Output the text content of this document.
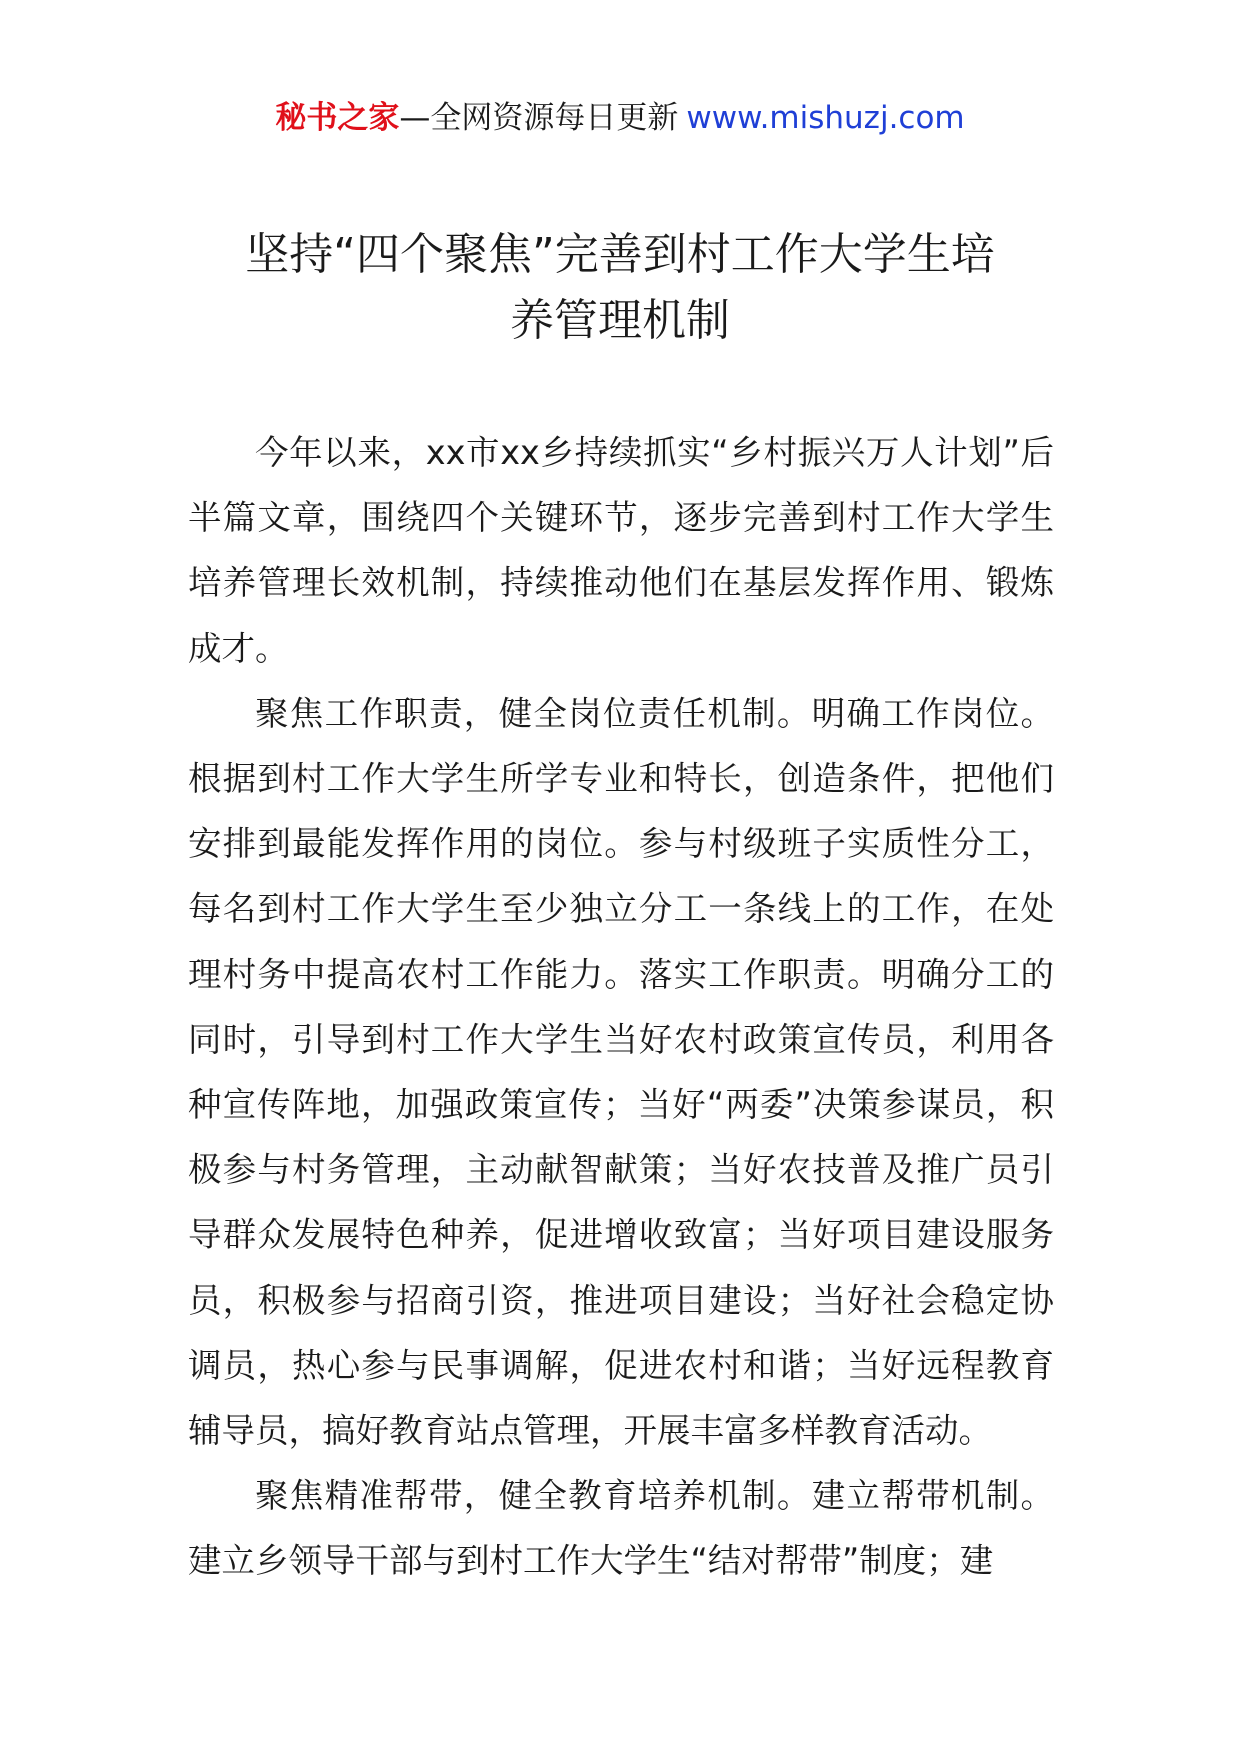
秘书之家—全网资源每日更新 www.mishuzj.com
坚持“四个聚焦”完善到村工作大学生培
养管理机制

今年以来，xx市xx乡持续抓实“乡村振兴万人计划”后半篇文章，围绕四个关键环节，逐步完善到村工作大学生培养管理长效机制，持续推动他们在基层发挥作用、锻炼成才。

聚焦工作职责，健全岗位责任机制。明确工作岗位。根据到村工作大学生所学专业和特长，创造条件，把他们安排到最能发挥作用的岗位。参与村级班子实质性分工，每名到村工作大学生至少独立分工一条线上的工作，在处理村务中提高农村工作能力。落实工作职责。明确分工的同时，引导到村工作大学生当好农村政策宣传员，利用各种宣传阵地，加强政策宣传；当好“两委”决策参谋员，积极参与村务管理，主动献智献策；当好农技普及推广员引导群众发展特色种养，促进增收致富；当好项目建设服务员，积极参与招商引资，推进项目建设；当好社会稳定协调员，热心参与民事调解，促进农村和谐；当好远程教育辅导员，搞好教育站点管理，开展丰富多样教育活动。

聚焦精准帮带，健全教育培养机制。建立帮带机制。建立乡领导干部与到村工作大学生“结对帮带”制度；建
